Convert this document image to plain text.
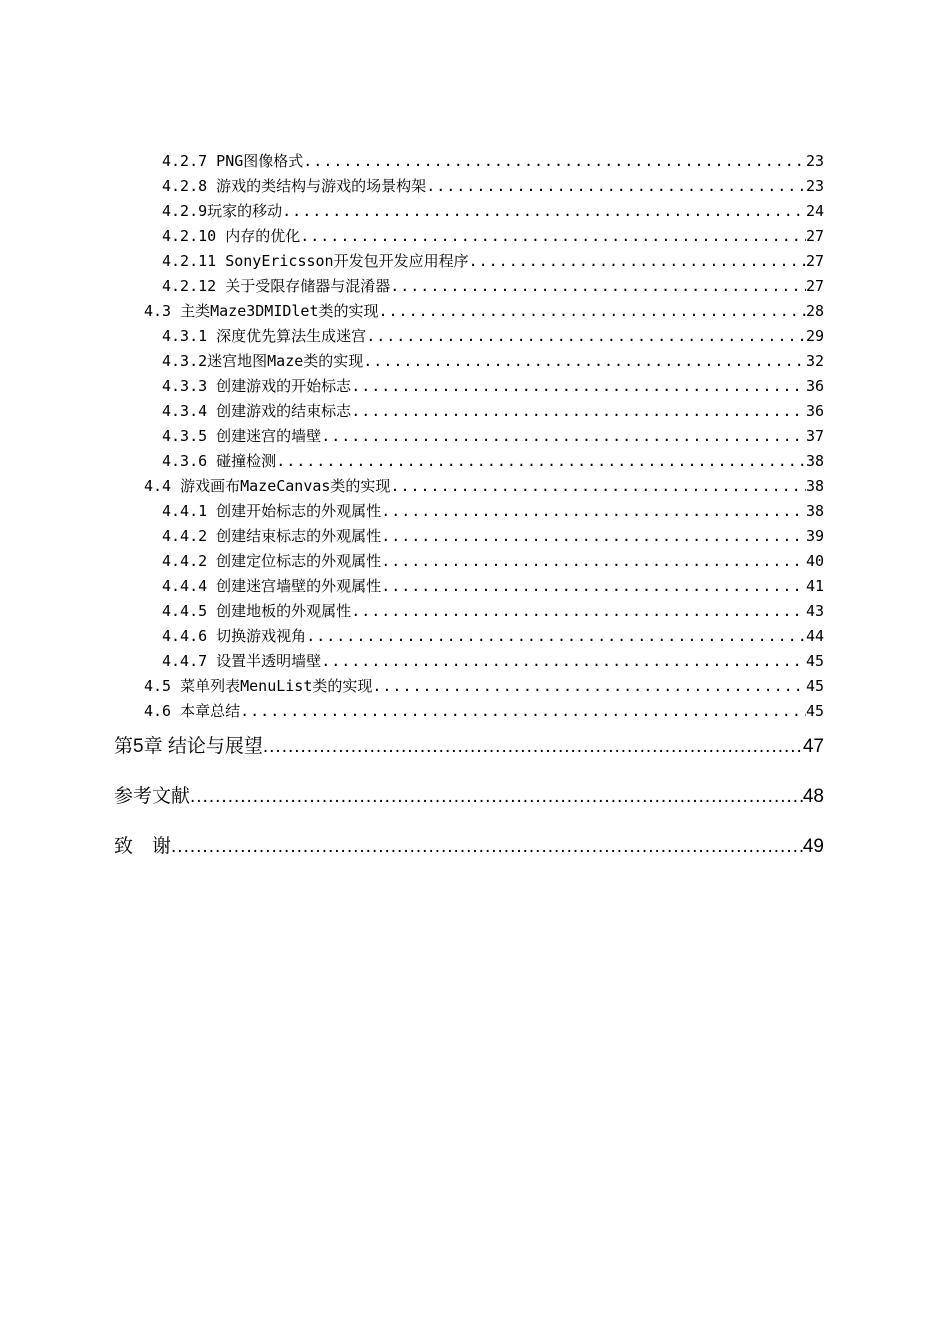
4.2.7 PNG图像格式 .....	23
4.2.8 游戏的类结构与游戏的场景构架 .....	23
4.2.9玩家的移动 .....	24
4.2.10 内存的优化 .....	27
4.2.11 SonyEricsson开发包开发应用程序 .....	27
4.2.12 关于受限存储器与混淆器 .....	27
4.3 主类Maze3DMIDlet类的实现 .....	28
4.3.1 深度优先算法生成迷宫 .....	29
4.3.2迷宫地图Maze类的实现 .....	32
4.3.3 创建游戏的开始标志 .....	36
4.3.4 创建游戏的结束标志 .....	36
4.3.5 创建迷宫的墙壁 .....	37
4.3.6 碰撞检测 .....	38
4.4 游戏画布MazeCanvas类的实现 .....	38
4.4.1 创建开始标志的外观属性 .....	38
4.4.2 创建结束标志的外观属性 .....	39
4.4.2 创建定位标志的外观属性 .....	40
4.4.4 创建迷宫墙壁的外观属性 .....	41
4.4.5 创建地板的外观属性 .....	43
4.4.6 切换游戏视角 .....	44
4.4.7 设置半透明墙壁 .....	45
4.5 菜单列表MenuList类的实现 .....	45
4.6 本章总结 .....	45
第5章 结论与展望 .....	47
参考文献 .....	48
致　谢 .....	49
